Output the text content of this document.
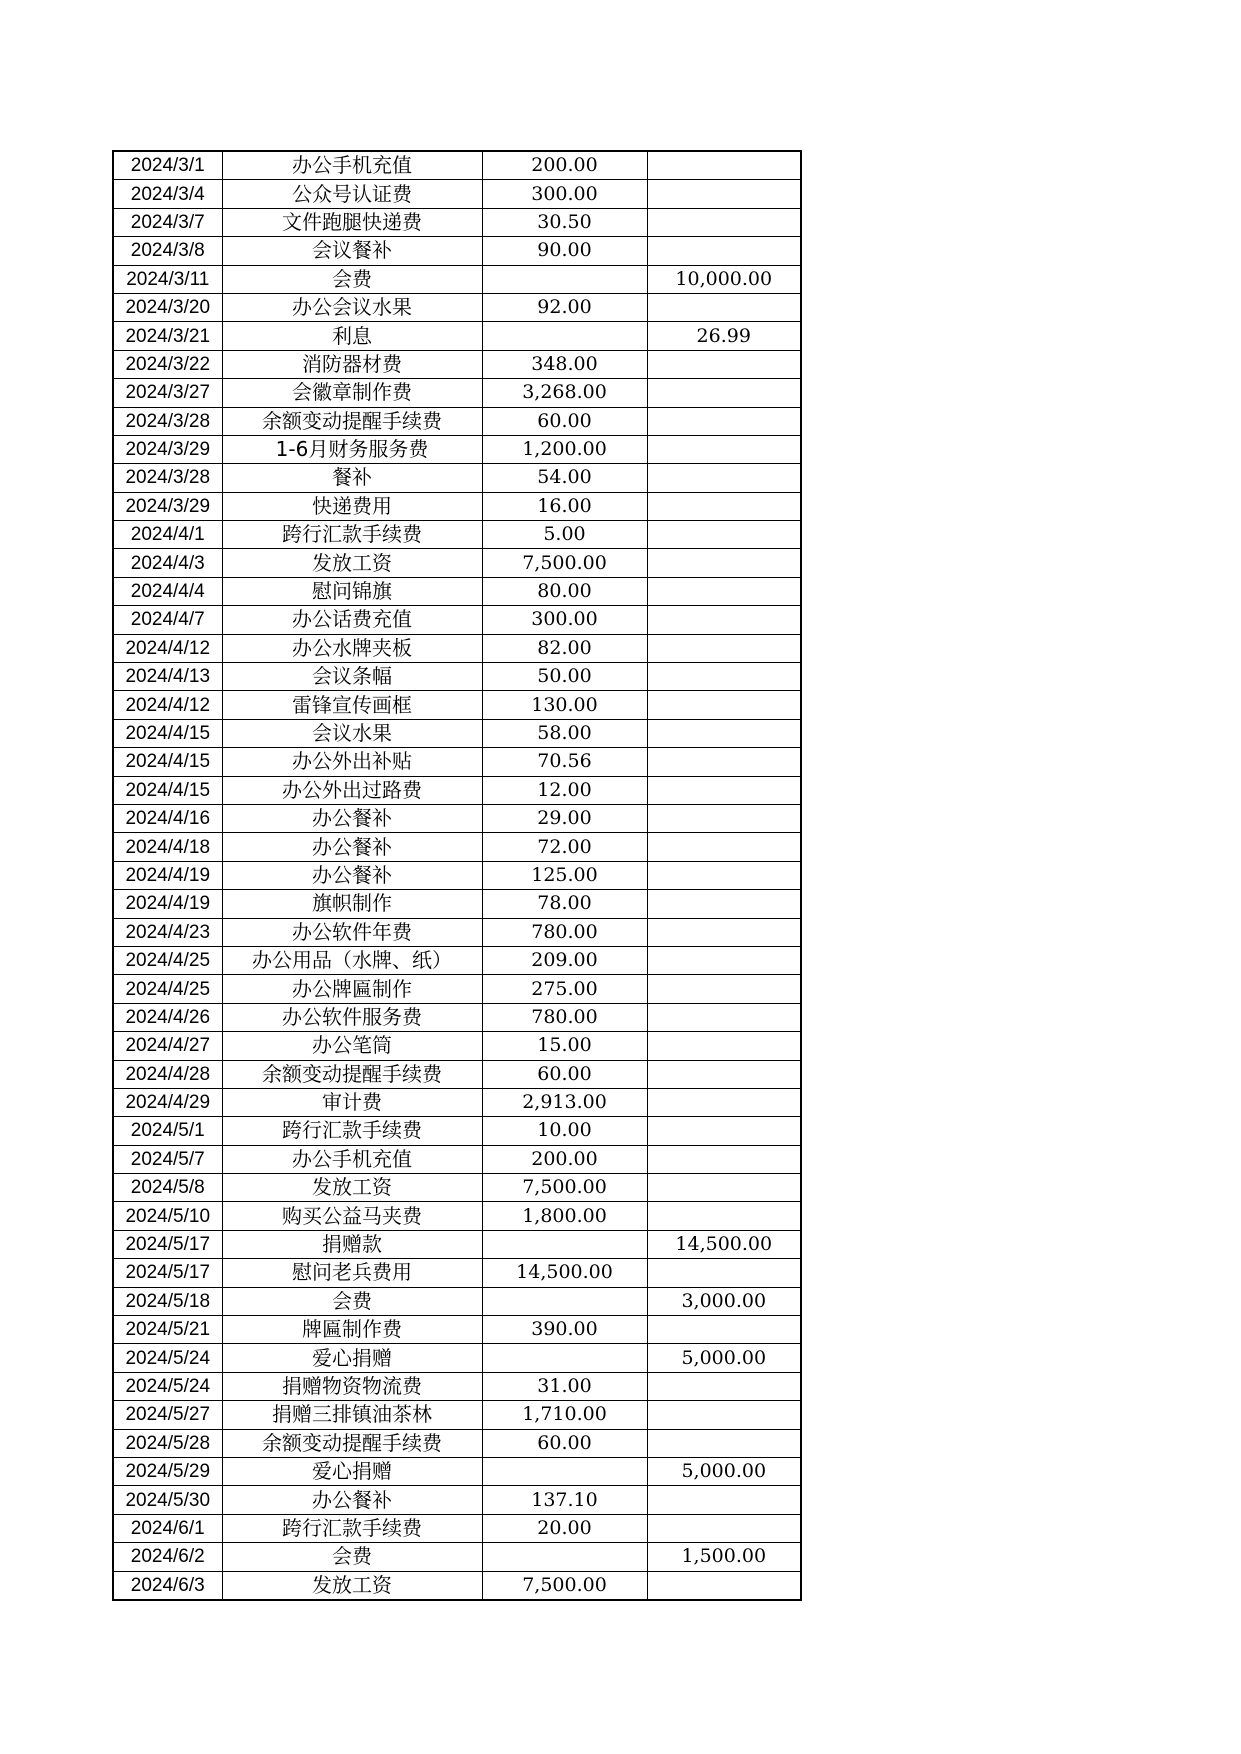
2024/3/1	办公手机充值	200.00	
2024/3/4	公众号认证费	300.00	
2024/3/7	文件跑腿快递费	30.50	
2024/3/8	会议餐补	90.00	
2024/3/11	会费		10,000.00
2024/3/20	办公会议水果	92.00	
2024/3/21	利息		26.99
2024/3/22	消防器材费	348.00	
2024/3/27	会徽章制作费	3,268.00	
2024/3/28	余额变动提醒手续费	60.00	
2024/3/29	1-6月财务服务费	1,200.00	
2024/3/28	餐补	54.00	
2024/3/29	快递费用	16.00	
2024/4/1	跨行汇款手续费	5.00	
2024/4/3	发放工资	7,500.00	
2024/4/4	慰问锦旗	80.00	
2024/4/7	办公话费充值	300.00	
2024/4/12	办公水牌夹板	82.00	
2024/4/13	会议条幅	50.00	
2024/4/12	雷锋宣传画框	130.00	
2024/4/15	会议水果	58.00	
2024/4/15	办公外出补贴	70.56	
2024/4/15	办公外出过路费	12.00	
2024/4/16	办公餐补	29.00	
2024/4/18	办公餐补	72.00	
2024/4/19	办公餐补	125.00	
2024/4/19	旗帜制作	78.00	
2024/4/23	办公软件年费	780.00	
2024/4/25	办公用品（水牌、纸）	209.00	
2024/4/25	办公牌匾制作	275.00	
2024/4/26	办公软件服务费	780.00	
2024/4/27	办公笔筒	15.00	
2024/4/28	余额变动提醒手续费	60.00	
2024/4/29	审计费	2,913.00	
2024/5/1	跨行汇款手续费	10.00	
2024/5/7	办公手机充值	200.00	
2024/5/8	发放工资	7,500.00	
2024/5/10	购买公益马夹费	1,800.00	
2024/5/17	捐赠款		14,500.00
2024/5/17	慰问老兵费用	14,500.00	
2024/5/18	会费		3,000.00
2024/5/21	牌匾制作费	390.00	
2024/5/24	爱心捐赠		5,000.00
2024/5/24	捐赠物资物流费	31.00	
2024/5/27	捐赠三排镇油茶林	1,710.00	
2024/5/28	余额变动提醒手续费	60.00	
2024/5/29	爱心捐赠		5,000.00
2024/5/30	办公餐补	137.10	
2024/6/1	跨行汇款手续费	20.00	
2024/6/2	会费		1,500.00
2024/6/3	发放工资	7,500.00	
